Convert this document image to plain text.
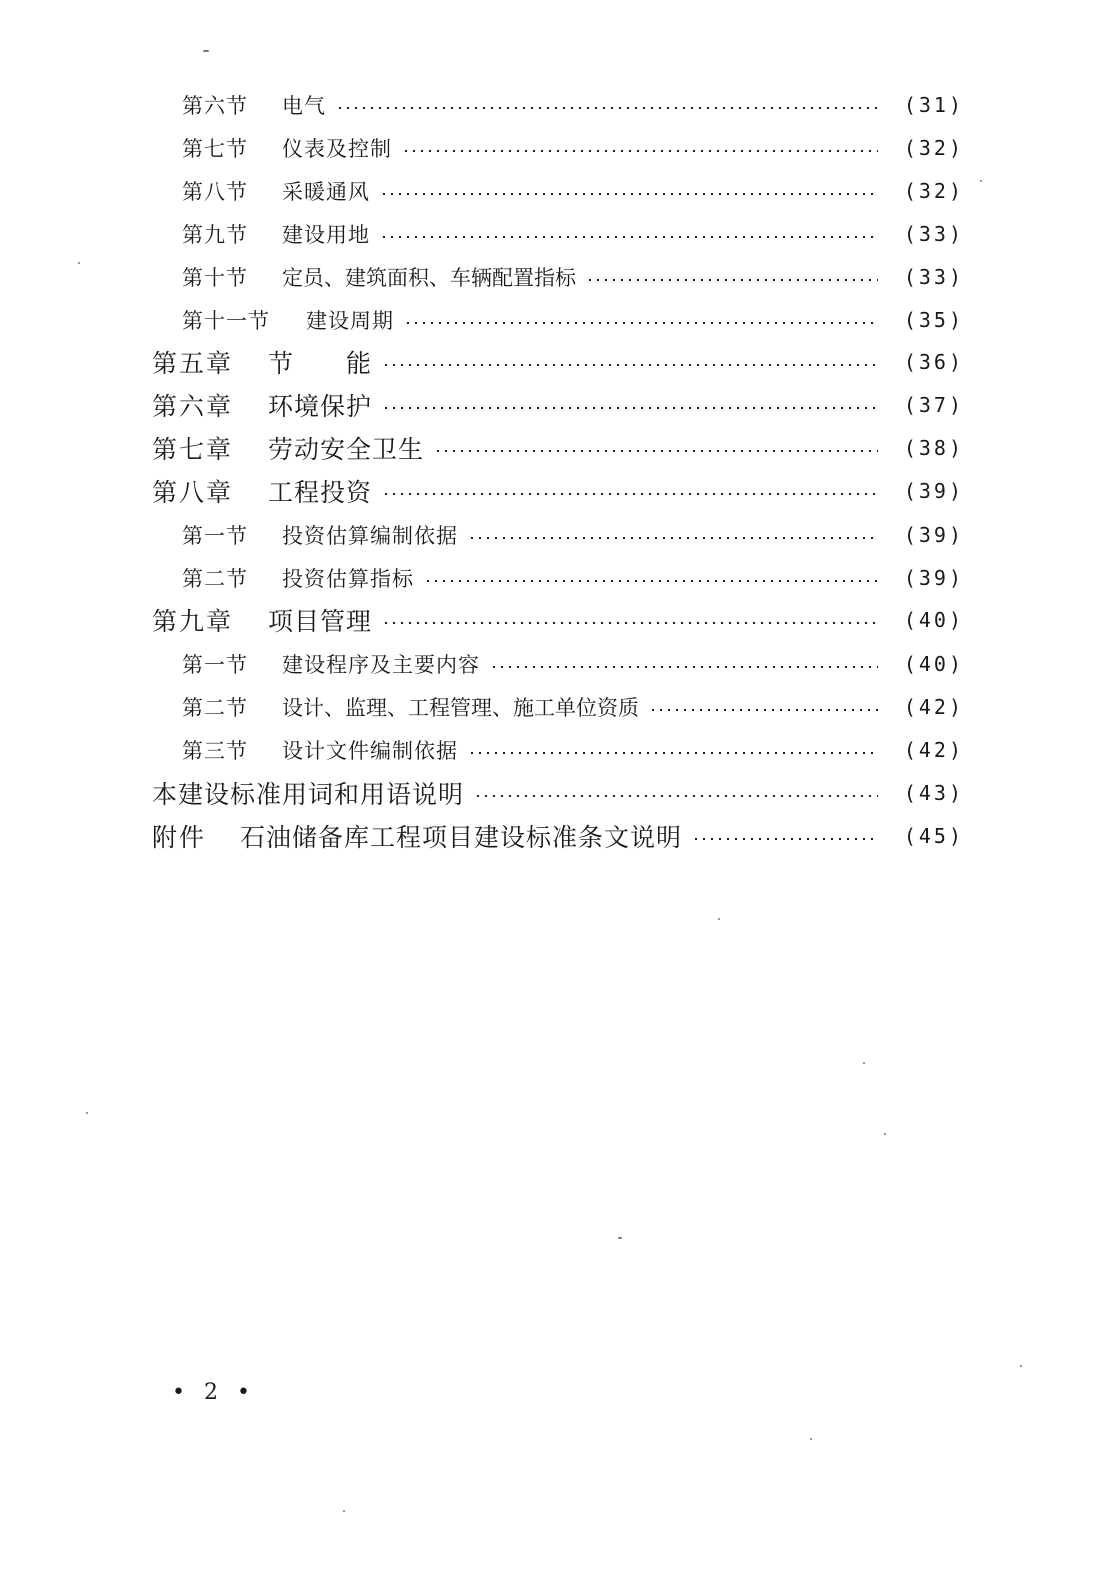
第六节	电气	(31)
第七节	仪表及控制	(32)
第八节	采暖通风	(32)
第九节	建设用地	(33)
第十节	定员、建筑面积、车辆配置指标	(33)
第十一节	建设周期	(35)
第五章	节　　能	(36)
第六章	环境保护	(37)
第七章	劳动安全卫生	(38)
第八章	工程投资	(39)
第一节	投资估算编制依据	(39)
第二节	投资估算指标	(39)
第九章	项目管理	(40)
第一节	建设程序及主要内容	(40)
第二节	设计、监理、工程管理、施工单位资质	(42)
第三节	设计文件编制依据	(42)
本建设标准用词和用语说明	(43)
附件	石油储备库工程项目建设标准条文说明	(45)
• 2 •
